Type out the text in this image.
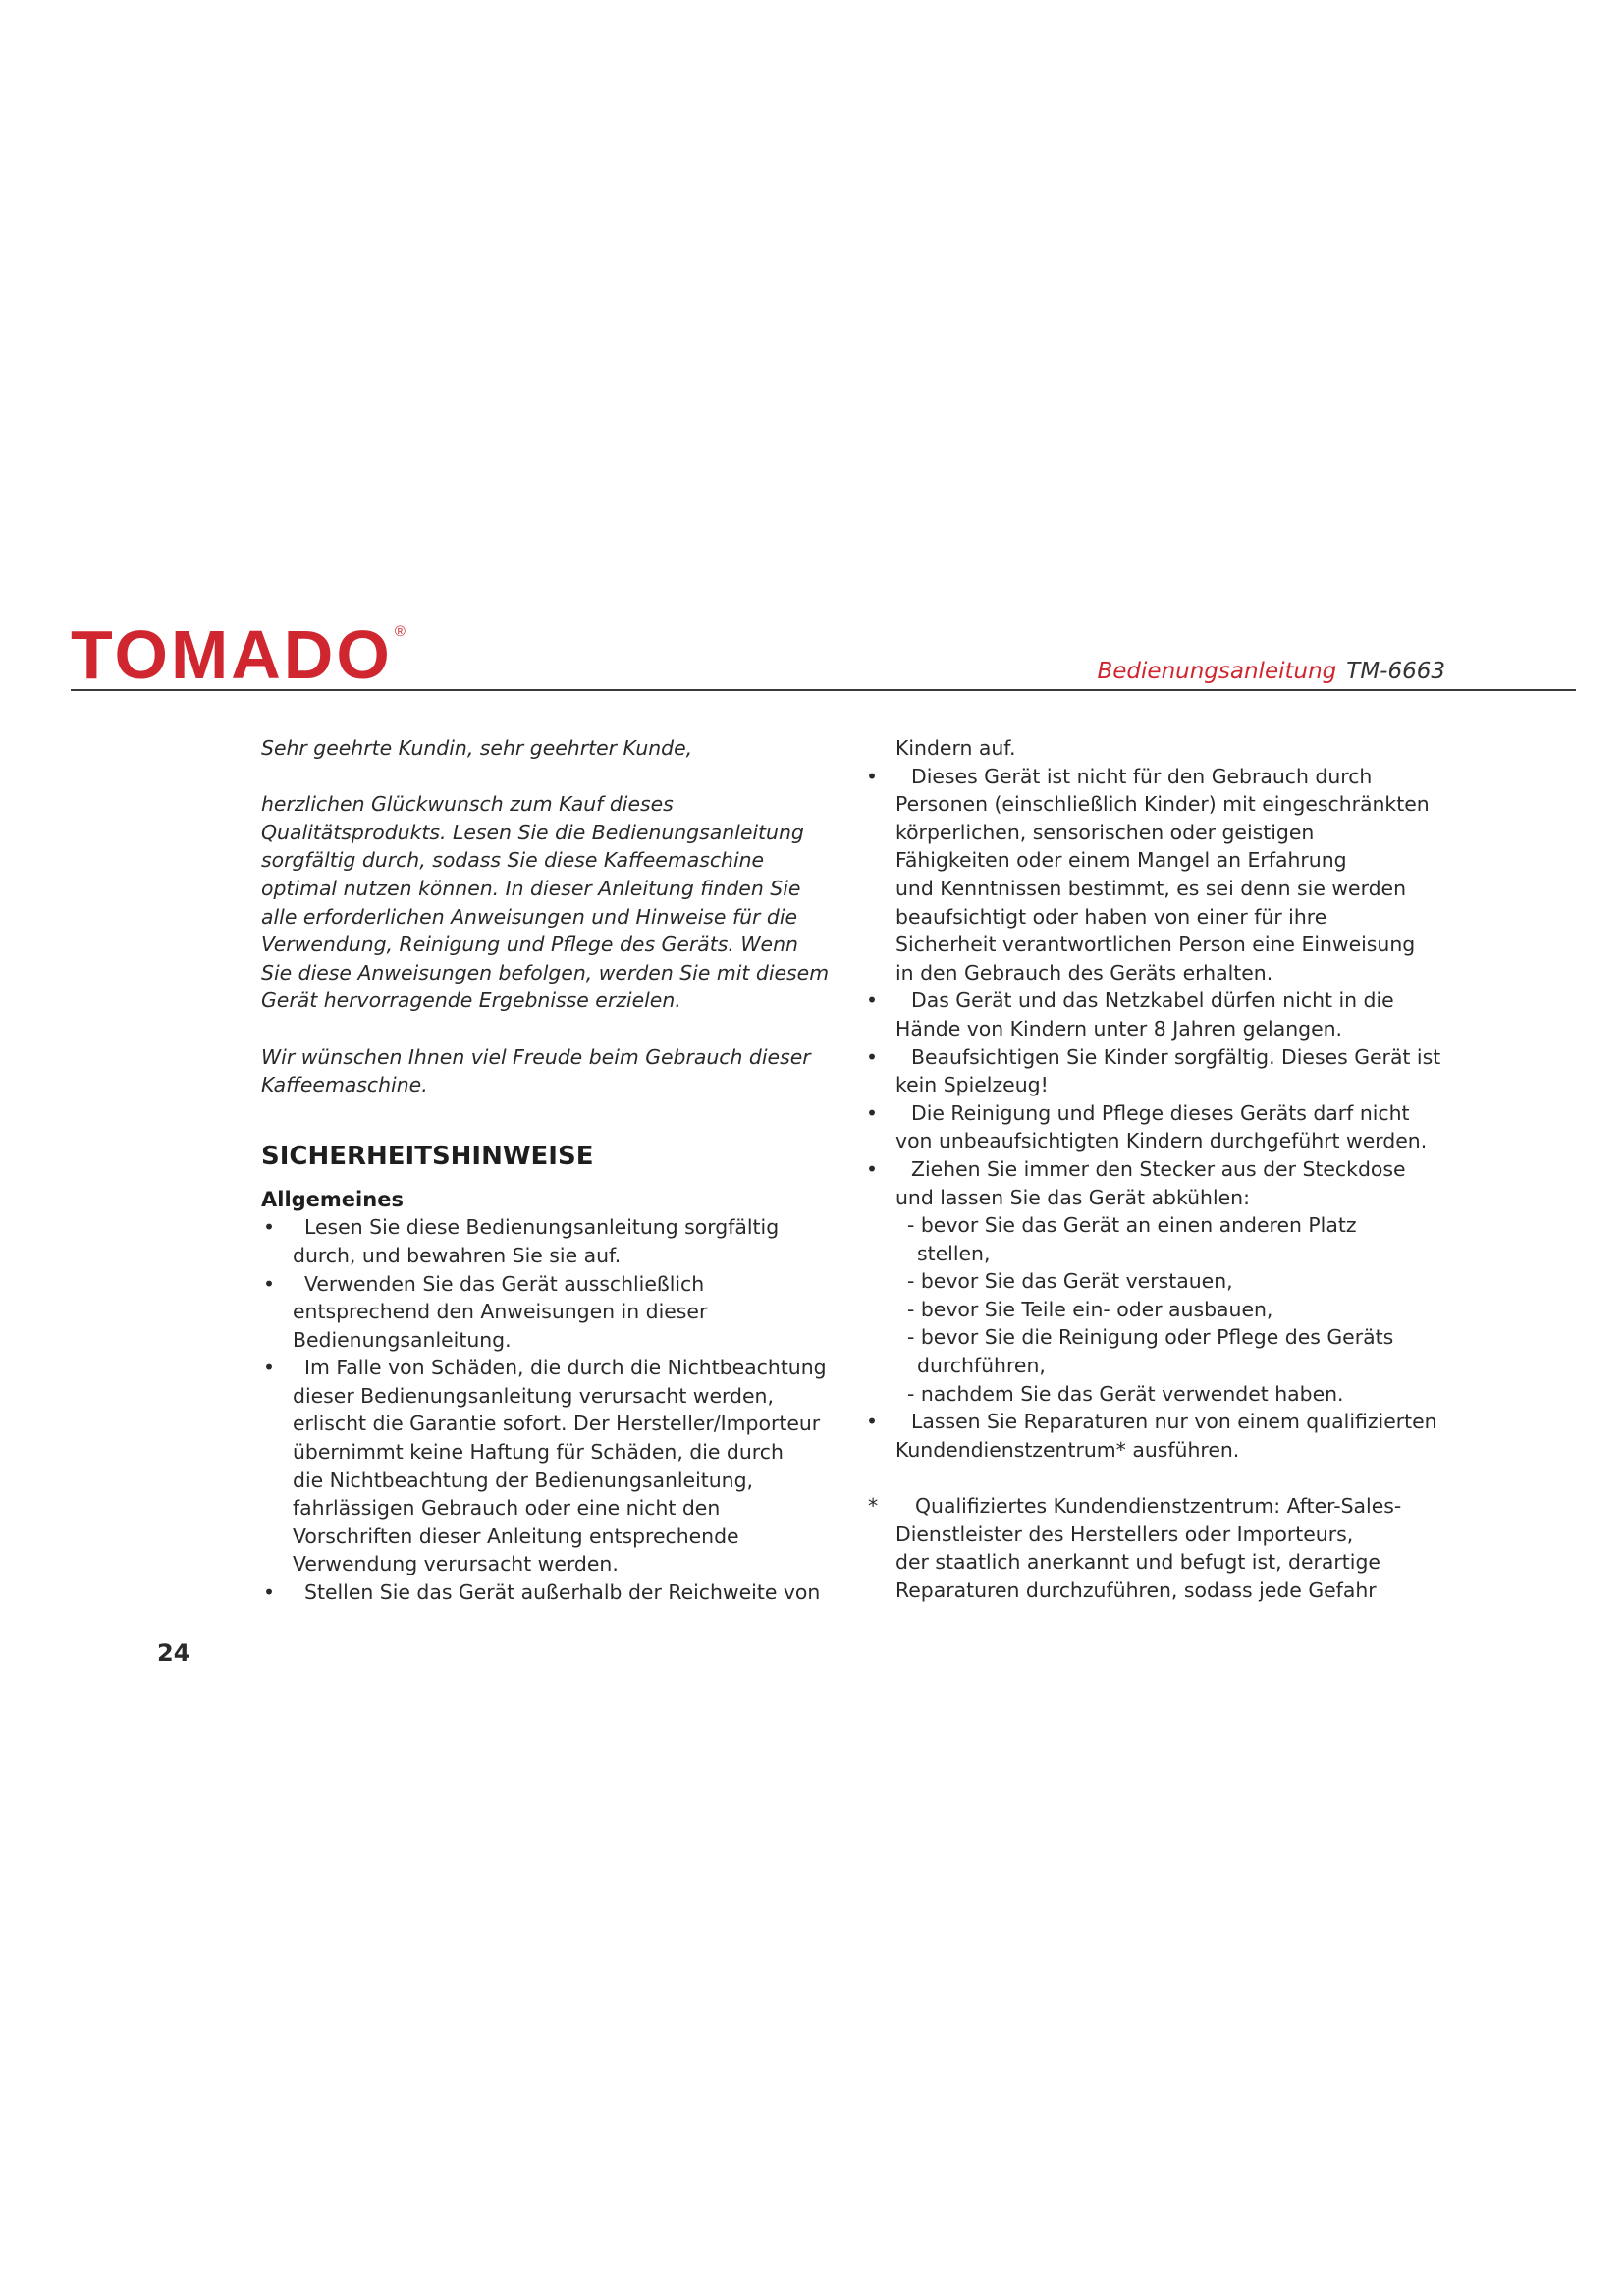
TOMADO ®
Bedienungsanleitung TM-6663

Sehr geehrte Kundin, sehr geehrter Kunde,

herzlichen Glückwunsch zum Kauf dieses
Qualitätsprodukts. Lesen Sie die Bedienungsanleitung
sorgfältig durch, sodass Sie diese Kaffeemaschine
optimal nutzen können. In dieser Anleitung finden Sie
alle erforderlichen Anweisungen und Hinweise für die
Verwendung, Reinigung und Pflege des Geräts. Wenn
Sie diese Anweisungen befolgen, werden Sie mit diesem
Gerät hervorragende Ergebnisse erzielen.
Wir wünschen Ihnen viel Freude beim Gebrauch dieser
Kaffeemaschine.
SICHERHEITSHINWEISE
Allgemeines
•	Lesen Sie diese Bedienungsanleitung sorgfältig
durch, und bewahren Sie sie auf.
•	Verwenden Sie das Gerät ausschließlich
entsprechend den Anweisungen in dieser
Bedienungsanleitung.
•	Im Falle von Schäden, die durch die Nichtbeachtung
dieser Bedienungsanleitung verursacht werden,
erlischt die Garantie sofort. Der Hersteller/Importeur
übernimmt keine Haftung für Schäden, die durch
die Nichtbeachtung der Bedienungsanleitung,
fahrlässigen Gebrauch oder eine nicht den
Vorschriften dieser Anleitung entsprechende
Verwendung verursacht werden.
•	Stellen Sie das Gerät außerhalb der Reichweite von

Kindern auf.

•	Dieses Gerät ist nicht für den Gebrauch durch
Personen (einschließlich Kinder) mit eingeschränkten
körperlichen, sensorischen oder geistigen
Fähigkeiten oder einem Mangel an Erfahrung
und Kenntnissen bestimmt, es sei denn sie werden
beaufsichtigt oder haben von einer für ihre
Sicherheit verantwortlichen Person eine Einweisung
in den Gebrauch des Geräts erhalten.
•	Das Gerät und das Netzkabel dürfen nicht in die
Hände von Kindern unter 8 Jahren gelangen.
•	Beaufsichtigen Sie Kinder sorgfältig. Dieses Gerät ist
kein Spielzeug!
•	Die Reinigung und Pflege dieses Geräts darf nicht
von unbeaufsichtigten Kindern durchgeführt werden.
•	Ziehen Sie immer den Stecker aus der Steckdose
und lassen Sie das Gerät abkühlen:
- bevor Sie das Gerät an einen anderen Platz
stellen,
- bevor Sie das Gerät verstauen,
- bevor Sie Teile ein- oder ausbauen,
- bevor Sie die Reinigung oder Pflege des Geräts
durchführen,
- nachdem Sie das Gerät verwendet haben.
•	Lassen Sie Reparaturen nur von einem qualifizierten
Kundendienstzentrum* ausführen.
*	Qualifiziertes Kundendienstzentrum: After-Sales-
Dienstleister des Herstellers oder Importeurs,
der staatlich anerkannt und befugt ist, derartige
Reparaturen durchzuführen, sodass jede Gefahr
24
